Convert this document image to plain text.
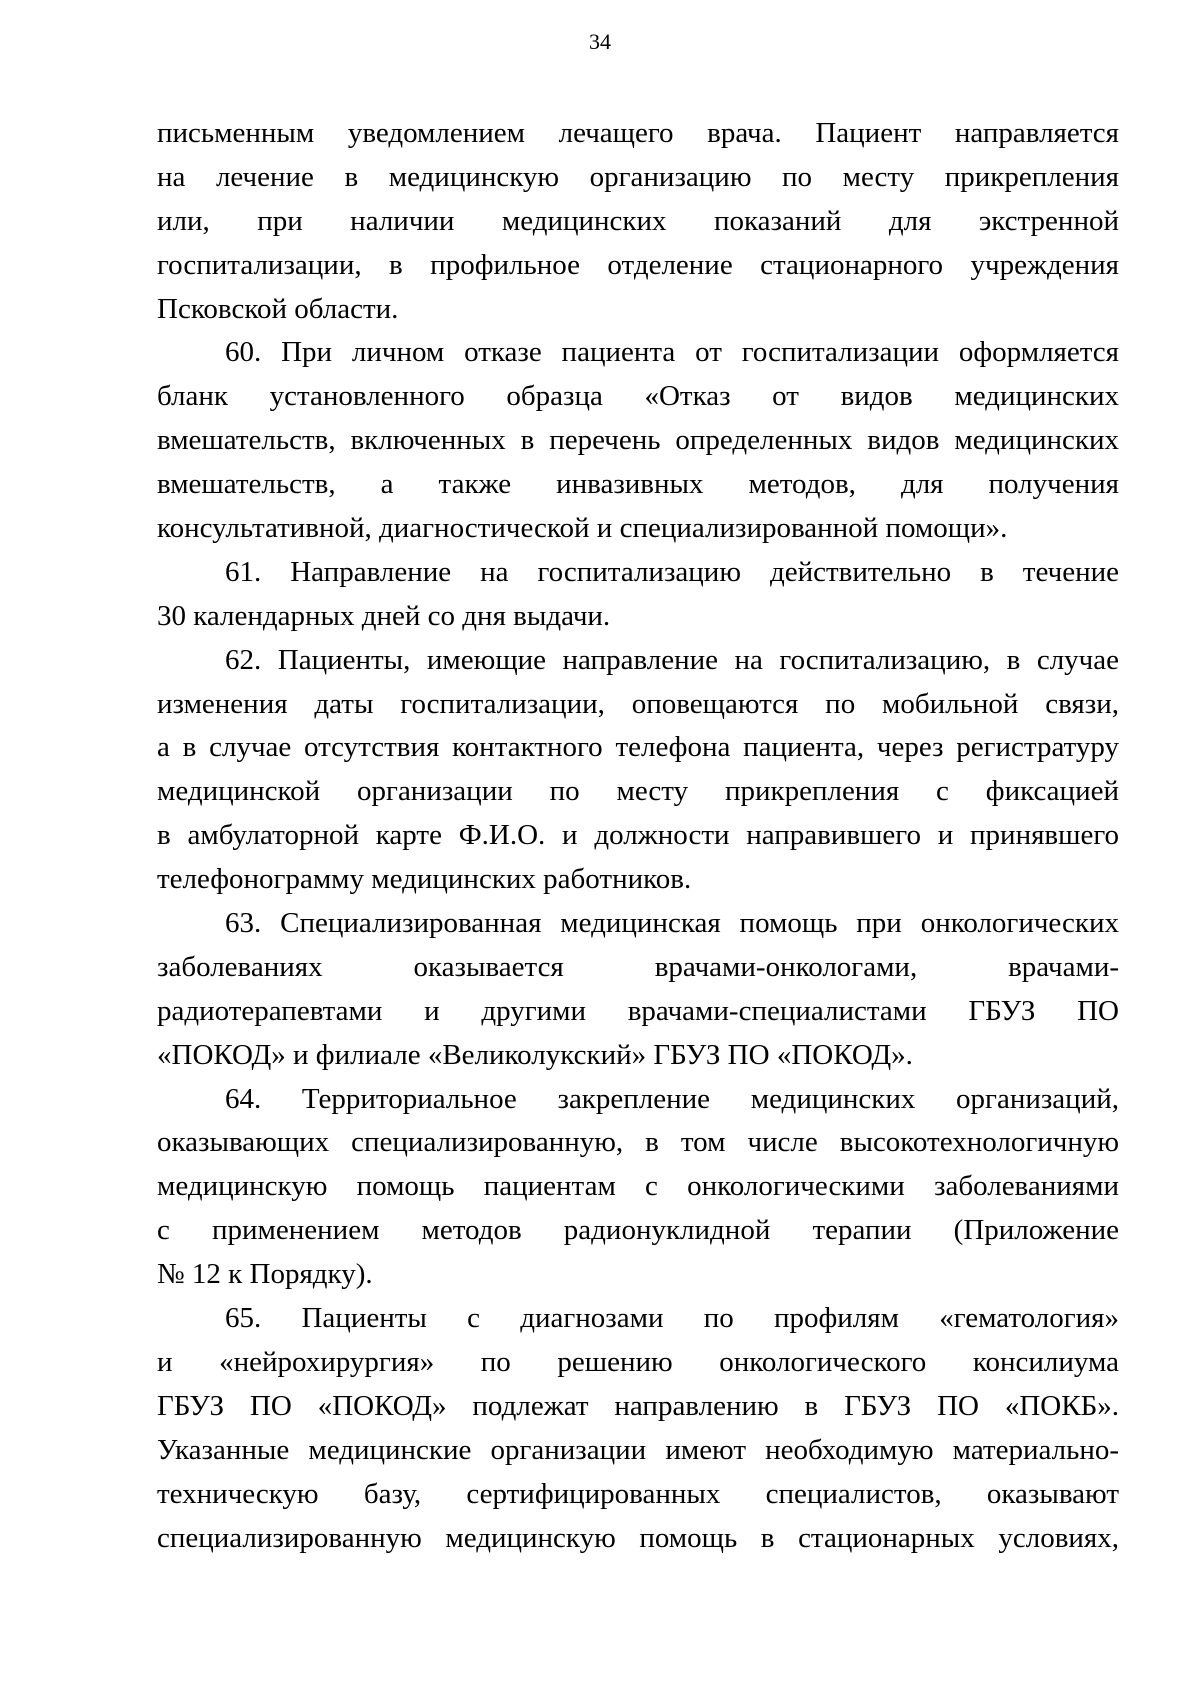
34
письменным уведомлением лечащего врача. Пациент направляется
на лечение в медицинскую организацию по месту прикрепления
или, при наличии медицинских показаний для экстренной
госпитализации, в профильное отделение стационарного учреждения
Псковской области.
60. При личном отказе пациента от госпитализации оформляется
бланк установленного образца «Отказ от видов медицинских
вмешательств, включенных в перечень определенных видов медицинских
вмешательств, а также инвазивных методов, для получения
консультативной, диагностической и специализированной помощи».
61. Направление на госпитализацию действительно в течение
30 календарных дней со дня выдачи.
62. Пациенты, имеющие направление на госпитализацию, в случае
изменения даты госпитализации, оповещаются по мобильной связи,
а в случае отсутствия контактного телефона пациента, через регистратуру
медицинской организации по месту прикрепления с фиксацией
в амбулаторной карте Ф.И.О. и должности направившего и принявшего
телефонограмму медицинских работников.
63. Специализированная медицинская помощь при онкологических
заболеваниях оказывается врачами-онкологами, врачами-
радиотерапевтами и другими врачами-специалистами ГБУЗ ПО
«ПОКОД» и филиале «Великолукский» ГБУЗ ПО «ПОКОД».
64. Территориальное закрепление медицинских организаций,
оказывающих специализированную, в том числе высокотехнологичную
медицинскую помощь пациентам с онкологическими заболеваниями
с применением методов радионуклидной терапии (Приложение
№ 12 к Порядку).
65. Пациенты с диагнозами по профилям «гематология»
и «нейрохирургия» по решению онкологического консилиума
ГБУЗ ПО «ПОКОД» подлежат направлению в ГБУЗ ПО «ПОКБ».
Указанные медицинские организации имеют необходимую материально-
техническую базу, сертифицированных специалистов, оказывают
специализированную медицинскую помощь в стационарных условиях,
